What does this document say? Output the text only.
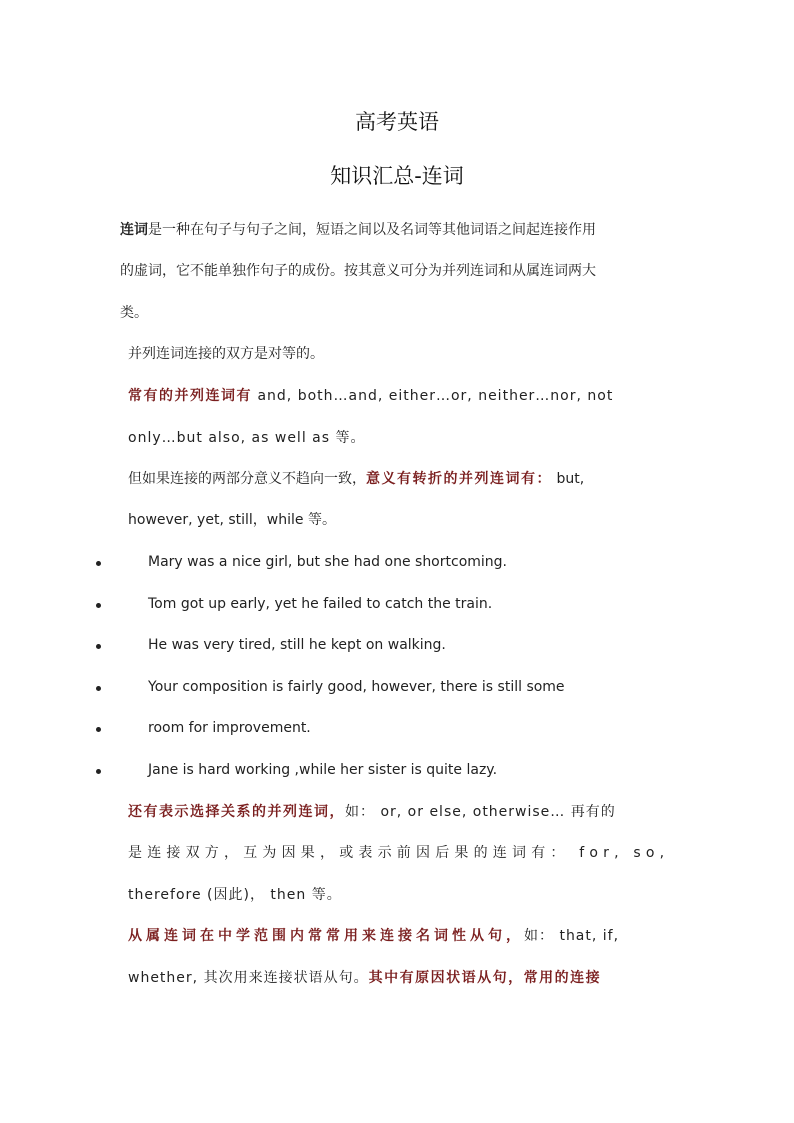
高考英语
知识汇总-连词
连词是一种在句子与句子之间，短语之间以及名词等其他词语之间起连接作用
的虚词，它不能单独作句子的成份。按其意义可分为并列连词和从属连词两大
类。
并列连词连接的双方是对等的。
常有的并列连词有 and, both…and, either…or, neither…nor, not
only…but also, as well as 等。
但如果连接的两部分意义不趋向一致，意义有转折的并列连词有： but,
however, yet, still，while 等。
Mary was a nice girl, but she had one shortcoming.
Tom got up early, yet he failed to catch the train.
He was very tired, still he kept on walking.
Your composition is fairly good, however, there is still some
room for improvement.
Jane is hard working ,while her sister is quite lazy.
还有表示选择关系的并列连词，如： or, or else, otherwise… 再有的
是连接双方，互为因果，或表示前因后果的连词有： for, so,
therefore (因此)， then 等。
从属连词在中学范围内常常用来连接名词性从句，如： that, if,
whether, 其次用来连接状语从句。其中有原因状语从句，常用的连接
